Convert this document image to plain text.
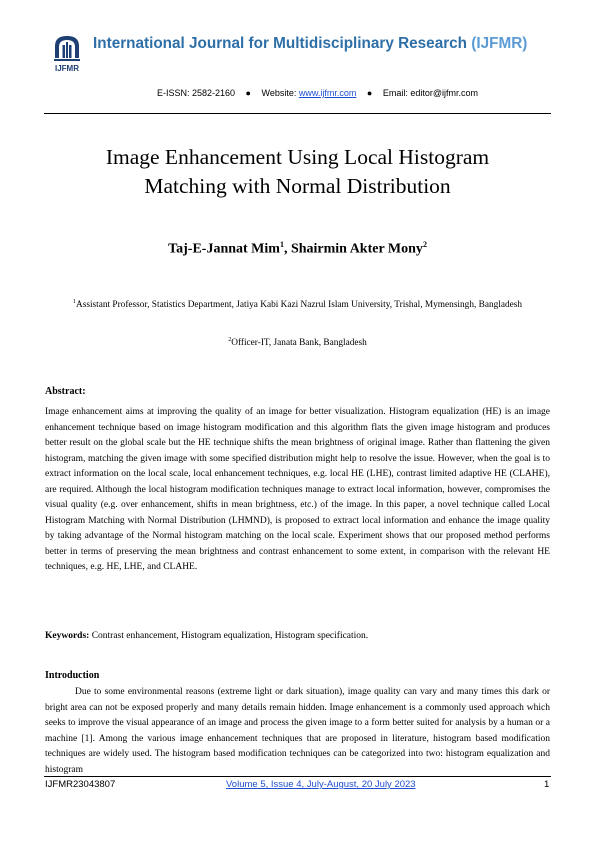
IJFMR
International Journal for Multidisciplinary Research (IJFMR)
E-ISSN: 2582-2160 ● Website: www.ijfmr.com ● Email: editor@ijfmr.com
Image Enhancement Using Local Histogram
Matching with Normal Distribution
Taj-E-Jannat Mim$^1$, Shairmin Akter Mony$^2$
$^1$Assistant Professor, Statistics Department, Jatiya Kabi Kazi Nazrul Islam University, Trishal, Mymensingh, Bangladesh
$^2$Officer-IT, Janata Bank, Bangladesh
Abstract:

Image enhancement aims at improving the quality of an image for better visualization. Histogram equalization (HE) is an image enhancement technique based on image histogram modification and this algorithm flats the given image histogram and produces better result on the global scale but the HE technique shifts the mean brightness of original image. Rather than flattening the given histogram, matching the given image with some specified distribution might help to resolve the issue. However, when the goal is to extract information on the local scale, local enhancement techniques, e.g. local HE (LHE), contrast limited adaptive HE (CLAHE), are required. Although the local histogram modification techniques manage to extract local information, however, compromises the visual quality (e.g. over enhancement, shifts in mean brightness, etc.) of the image. In this paper, a novel technique called Local Histogram Matching with Normal Distribution (LHMND), is proposed to extract local information and enhance the image quality by taking advantage of the Normal histogram matching on the local scale. Experiment shows that our proposed method performs better in terms of preserving the mean brightness and contrast enhancement to some extent, in comparison with the relevant HE techniques, e.g. HE, LHE, and CLAHE.

Keywords: Contrast enhancement, Histogram equalization, Histogram specification.
Introduction

Due to some environmental reasons (extreme light or dark situation), image quality can vary and many times this dark or bright area can not be exposed properly and many details remain hidden. Image enhancement is a commonly used approach which seeks to improve the visual appearance of an image and process the given image to a form better suited for analysis by a human or a machine [1]. Among the various image enhancement techniques that are proposed in literature, histogram based modification techniques are widely used. The histogram based modification techniques can be categorized into two: histogram equalization and histogram

IJFMR23043807	Volume 5, Issue 4, July-August, 20 July 2023	1
